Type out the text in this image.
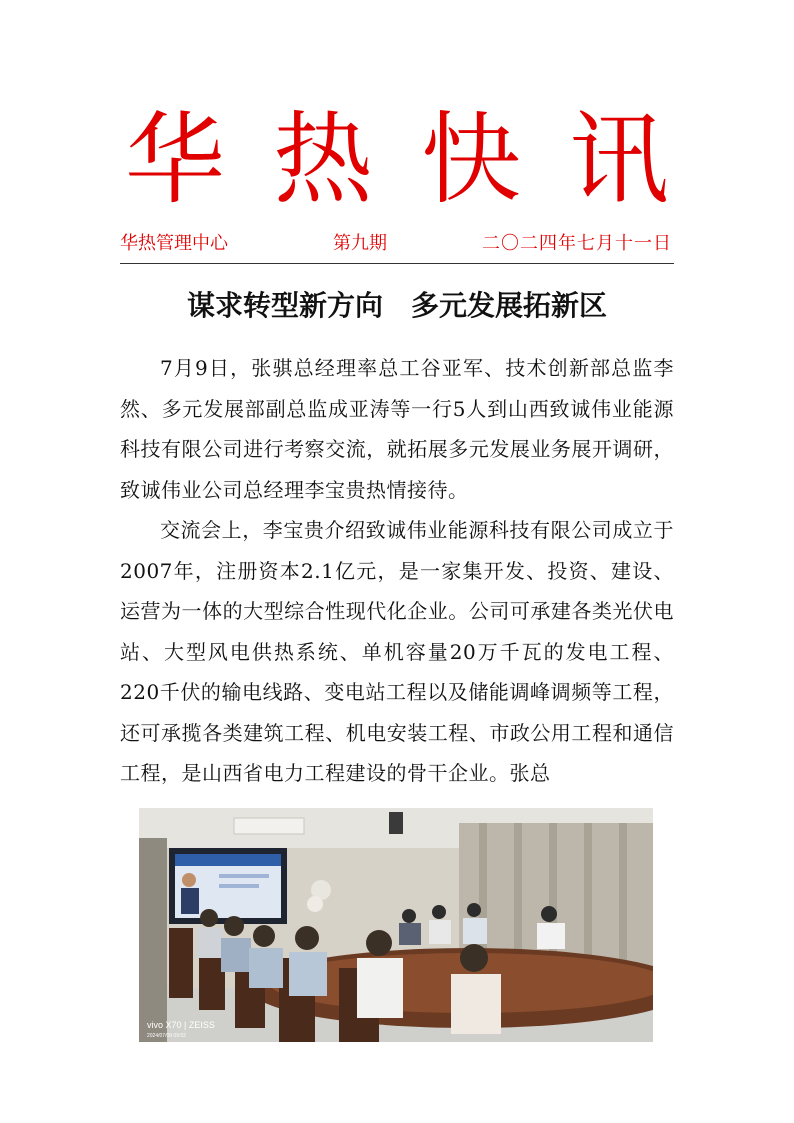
华热快讯
华热管理中心	第九期	二〇二四年七月十一日
谋求转型新方向　多元发展拓新区

7月9日，张骐总经理率总工谷亚军、技术创新部总监李然、多元发展部副总监成亚涛等一行5人到山西致诚伟业能源科技有限公司进行考察交流，就拓展多元发展业务展开调研，致诚伟业公司总经理李宝贵热情接待。

交流会上，李宝贵介绍致诚伟业能源科技有限公司成立于2007年，注册资本2.1亿元，是一家集开发、投资、建设、运营为一体的大型综合性现代化企业。公司可承建各类光伏电站、大型风电供热系统、单机容量20万千瓦的发电工程、220千伏的输电线路、变电站工程以及储能调峰调频等工程，还可承揽各类建筑工程、机电安装工程、市政公用工程和通信工程，是山西省电力工程建设的骨干企业。张总

vivo X70 | ZEISS
2024/07/09 09:52
